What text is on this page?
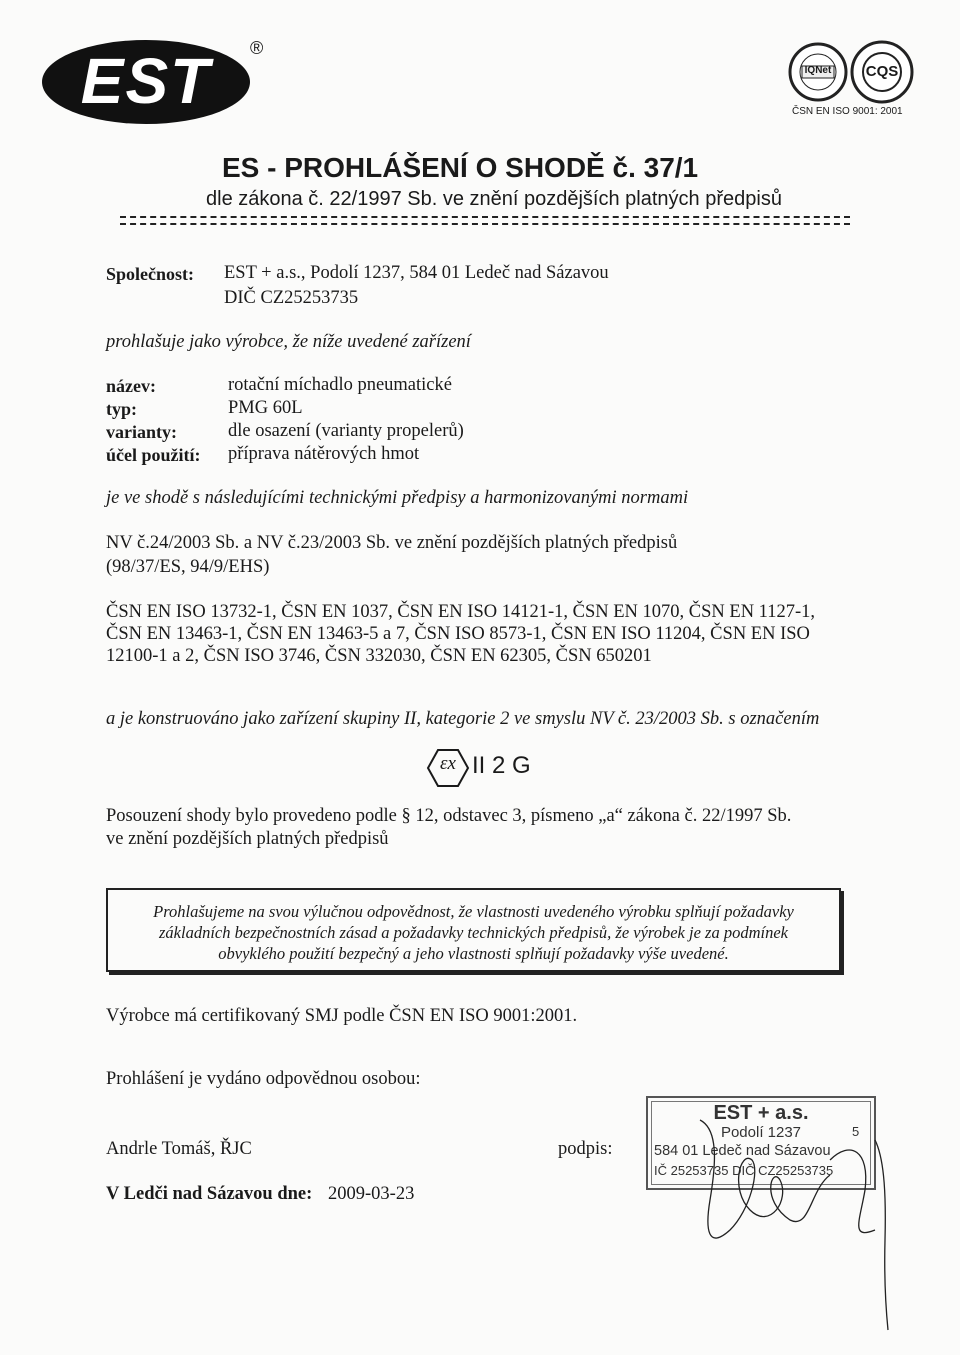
EST	®
IQNet	CQS
ČSN EN ISO 9001: 2001
ES - PROHLÁŠENÍ O SHODĚ č. 37/1
dle zákona č. 22/1997 Sb. ve znění pozdějších platných předpisů
Společnost: EST + a.s., Podolí 1237, 584 01 Ledeč nad Sázavou
DIČ CZ25253735
prohlašuje jako výrobce, že níže uvedené zařízení
název:	rotační míchadlo pneumatické
typ:	PMG 60L
varianty:	dle osazení (varianty propelerů)
účel použití: příprava nátěrových hmot
je ve shodě s následujícími technickými předpisy a harmonizovanými normami
NV č.24/2003 Sb. a NV č.23/2003 Sb. ve znění pozdějších platných předpisů
(98/37/ES, 94/9/EHS)
ČSN EN ISO 13732-1, ČSN EN 1037, ČSN EN ISO 14121-1, ČSN EN 1070, ČSN EN 1127-1,
ČSN EN 13463-1, ČSN EN 13463-5 a 7, ČSN ISO 8573-1, ČSN EN ISO 11204, ČSN EN ISO
12100-1 a 2, ČSN ISO 3746, ČSN 332030, ČSN EN 62305, ČSN 650201
a je konstruováno jako zařízení skupiny II, kategorie 2 ve smyslu NV č. 23/2003 Sb. s označením
εx II 2 G
Posouzení shody bylo provedeno podle § 12, odstavec 3, písmeno „a“ zákona č. 22/1997 Sb.
ve znění pozdějších platných předpisů
Prohlašujeme na svou výlučnou odpovědnost, že vlastnosti uvedeného výrobku splňují požadavky
základních bezpečnostních zásad a požadavky technických předpisů, že výrobek je za podmínek
obvyklého použití bezpečný a jeho vlastnosti splňují požadavky výše uvedené.
Výrobce má certifikovaný SMJ podle ČSN EN ISO 9001:2001.
Prohlášení je vydáno odpovědnou osobou:
Andrle Tomáš, ŘJC	podpis:
V Ledči nad Sázavou dne: 2009-03-23
EST + a.s.
Podolí 1237	5
584 01 Ledeč nad Sázavou
IČ 25253735 DIČ CZ25253735
